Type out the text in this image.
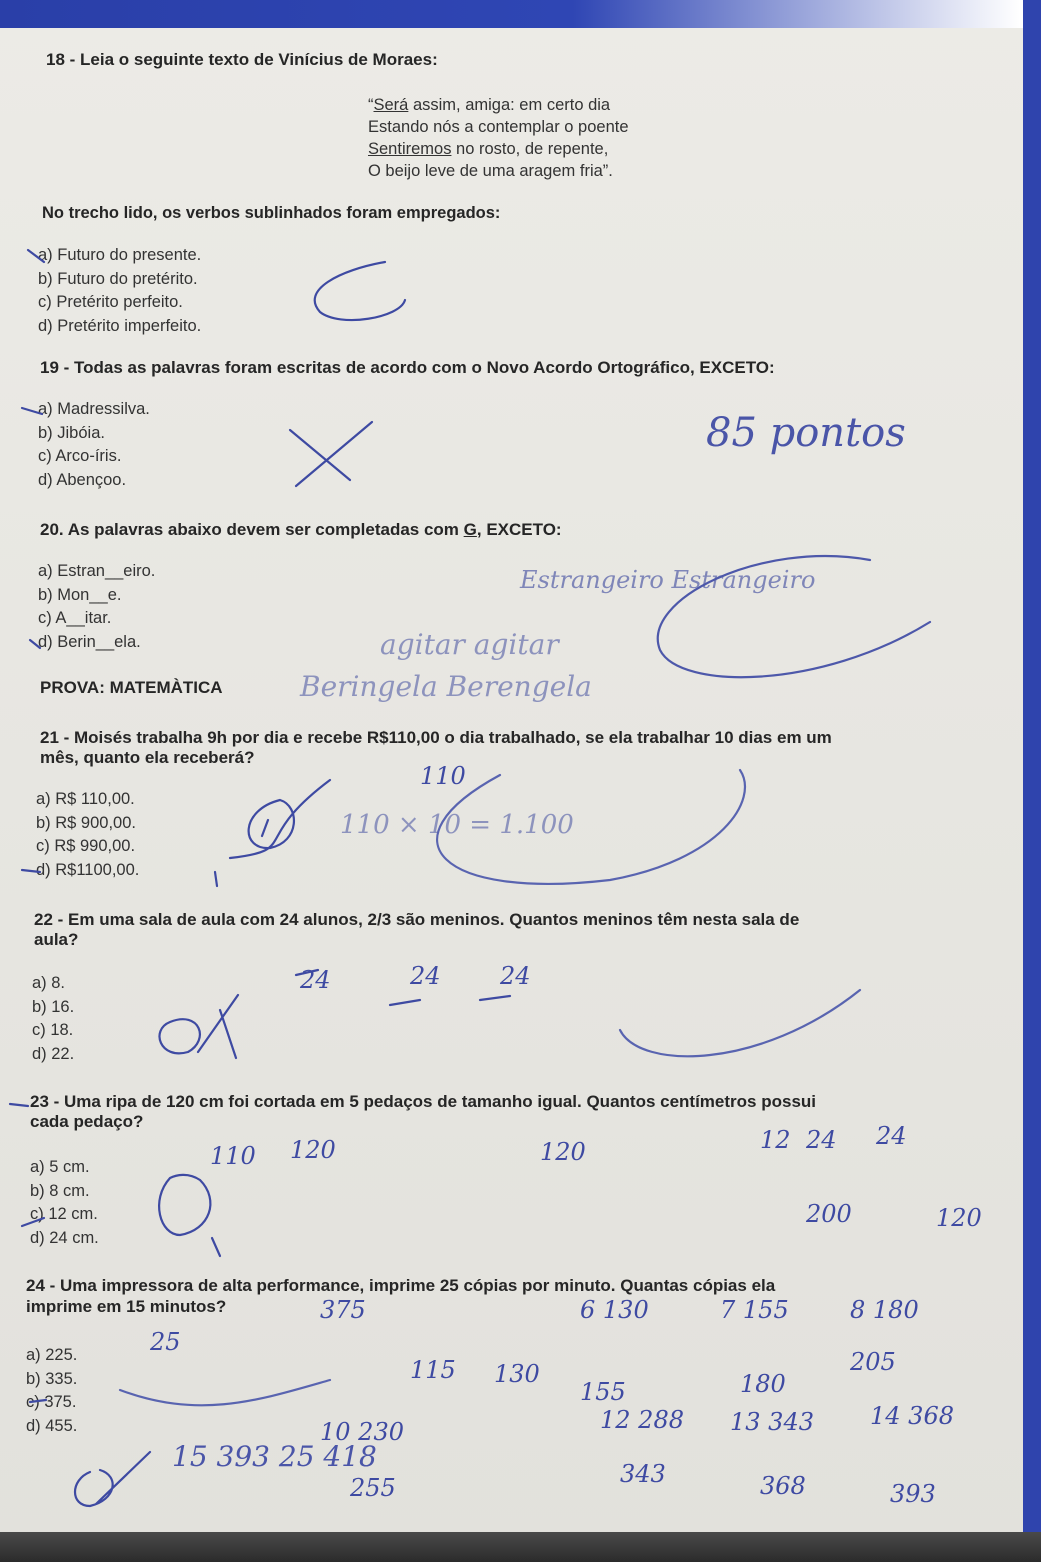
18 - Leia o seguinte texto de Vinícius de Moraes:
“Será assim, amiga: em certo dia
Estando nós a contemplar o poente
Sentiremos no rosto, de repente,
O beijo leve de uma aragem fria”.
No trecho lido, os verbos sublinhados foram empregados:
a) Futuro do presente.
b) Futuro do pretérito.
c) Pretérito perfeito.
d) Pretérito imperfeito.
19 - Todas as palavras foram escritas de acordo com o Novo Acordo Ortográfico, EXCETO:
a) Madressilva.
b) Jibóia.
c) Arco-íris.
d) Abençoo.
20. As palavras abaixo devem ser completadas com G, EXCETO:
a) Estran__eiro.
b) Mon__e.
c) A__itar.
d) Berin__ela.
PROVA: MATEMÀTICA
21 - Moisés trabalha 9h por dia e recebe R$110,00 o dia trabalhado, se ela trabalhar 10 dias em um
mês, quanto ela receberá?
a) R$ 110,00.
b) R$ 900,00.
c) R$ 990,00.
d) R$1100,00.
22 - Em uma sala de aula com 24 alunos, 2/3 são meninos. Quantos meninos têm nesta sala de
aula?
a) 8.
b) 16.
c) 18.
d) 22.
23 - Uma ripa de 120 cm foi cortada em 5 pedaços de tamanho igual. Quantos centímetros possui
cada pedaço?
a) 5 cm.
b) 8 cm.
c) 12 cm.
d) 24 cm.
24 - Uma impressora de alta performance, imprime 25 cópias por minuto. Quantas cópias ela
imprime em 15 minutos?
a) 225.
b) 335.
c) 375.
d) 455.
85 pontos
Estrangeiro Estrangeiro
agitar agitar
Beringela Berengela
110 × 10 = 1.100
15 393 25 418
110
24	24 24
110 120	120	12 24 24
200	120
375	6 130	7 155	8 180
25
115 130
155	180
205
10 230	12 288 13 343 14 368
255	343	368	393
